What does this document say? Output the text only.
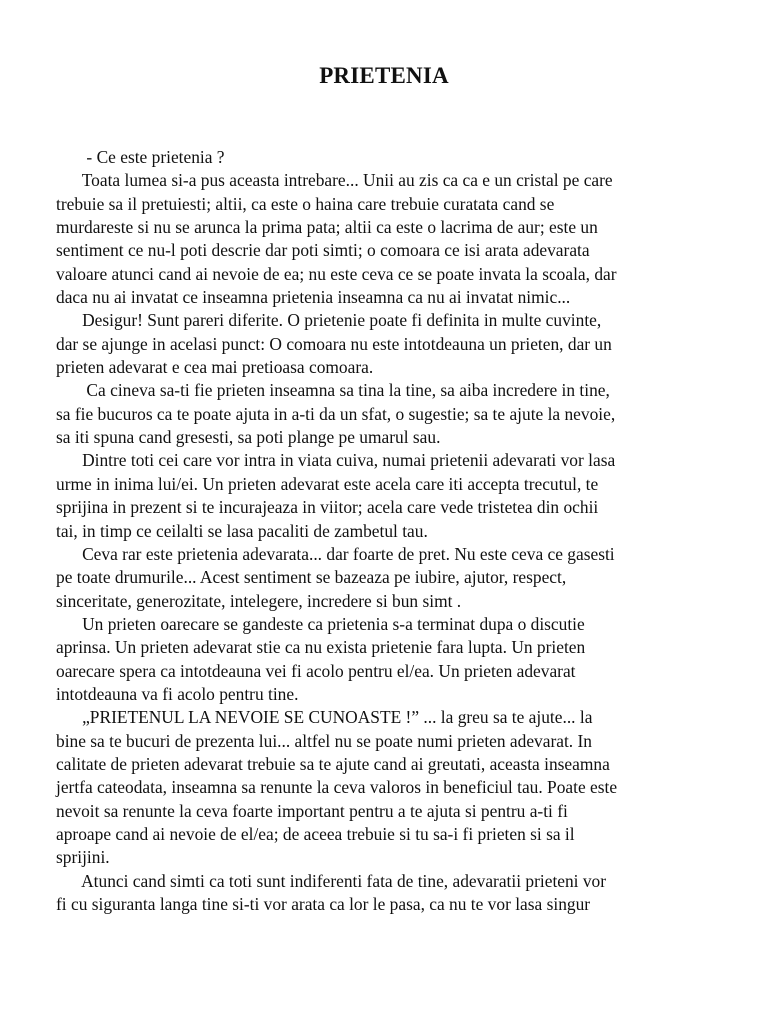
PRIETENIA
- Ce este prietenia ?
Toata lumea si-a pus aceasta intrebare... Unii au zis ca ca e un cristal pe care
trebuie sa il pretuiesti; altii, ca este o haina care trebuie curatata cand se
murdareste si nu se arunca la prima pata; altii ca este o lacrima de aur; este un
sentiment ce nu-l poti descrie dar poti simti; o comoara ce isi arata adevarata
valoare atunci cand ai nevoie de ea; nu este ceva ce se poate invata la scoala, dar
daca nu ai invatat ce inseamna prietenia inseamna ca nu ai invatat nimic...
Desigur! Sunt pareri diferite. O prietenie poate fi definita in multe cuvinte,
dar se ajunge in acelasi punct: O comoara nu este intotdeauna un prieten, dar un
prieten adevarat e cea mai pretioasa comoara.
Ca cineva sa-ti fie prieten inseamna sa tina la tine, sa aiba incredere in tine,
sa fie bucuros ca te poate ajuta in a-ti da un sfat, o sugestie; sa te ajute la nevoie,
sa iti spuna cand gresesti, sa poti plange pe umarul sau.
Dintre toti cei care vor intra in viata cuiva, numai prietenii adevarati vor lasa
urme in inima lui/ei. Un prieten adevarat este acela care iti accepta trecutul, te
sprijina in prezent si te incurajeaza in viitor; acela care vede tristetea din ochii
tai, in timp ce ceilalti se lasa pacaliti de zambetul tau.
Ceva rar este prietenia adevarata... dar foarte de pret. Nu este ceva ce gasesti
pe toate drumurile... Acest sentiment se bazeaza pe iubire, ajutor, respect,
sinceritate, generozitate, intelegere, incredere si bun simt .
Un prieten oarecare se gandeste ca prietenia s-a terminat dupa o discutie
aprinsa. Un prieten adevarat stie ca nu exista prietenie fara lupta. Un prieten
oarecare spera ca intotdeauna vei fi acolo pentru el/ea. Un prieten adevarat
intotdeauna va fi acolo pentru tine.
„PRIETENUL LA NEVOIE SE CUNOASTE !” ... la greu sa te ajute... la
bine sa te bucuri de prezenta lui... altfel nu se poate numi prieten adevarat. In
calitate de prieten adevarat trebuie sa te ajute cand ai greutati, aceasta inseamna
jertfa cateodata, inseamna sa renunte la ceva valoros in beneficiul tau. Poate este
nevoit sa renunte la ceva foarte important pentru a te ajuta si pentru a-ti fi
aproape cand ai nevoie de el/ea; de aceea trebuie si tu sa-i fi prieten si sa il
sprijini.
Atunci cand simti ca toti sunt indiferenti fata de tine, adevaratii prieteni vor
fi cu siguranta langa tine si-ti vor arata ca lor le pasa, ca nu te vor lasa singur
